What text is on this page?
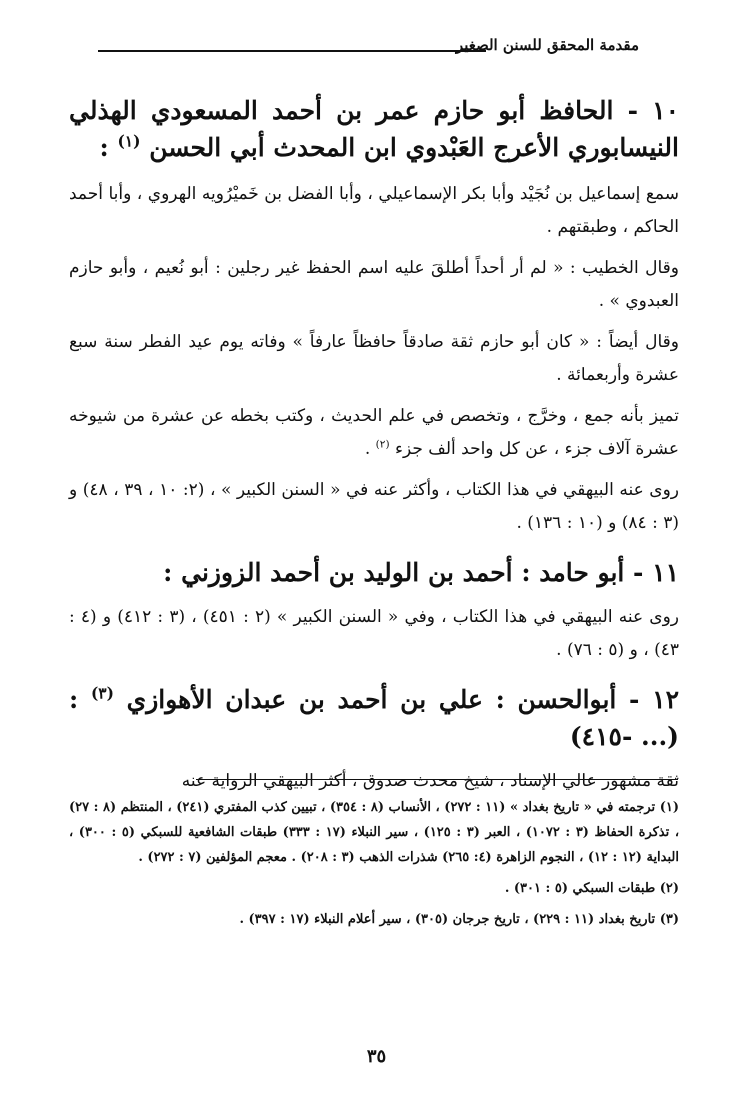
مقدمة المحقق للسنن الصغير
١٠ - الحافظ أبو حازم عمر بن أحمد المسعودي الهذلي النيسابوري الأعرج العَبْدوي ابن المحدث أبي الحسن $^{(١)}$ :
سمع إسماعيل بن نُجَيْد وأبا بكر الإسماعيلي ، وأبا الفضل بن خَميْرُويه الهروي ، وأبا أحمد الحاكم ، وطبقتهم .
وقال الخطيب : « لم أر أحداً أطلقَ عليه اسم الحفظ غير رجلين : أبو نُعيم ، وأبو حازم العبدوي » .
وقال أيضاً : « كان أبو حازم ثقة صادقاً حافظاً عارفاً » وفاته يوم عيد الفطر سنة سبع عشرة وأربعمائة .
تميز بأنه جمع ، وخرَّج ، وتخصص في علم الحديث ، وكتب بخطه عن عشرة من شيوخه عشرة آلاف جزء ، عن كل واحد ألف جزء $^{(٢)}$ .
روى عنه البيهقي في هذا الكتاب ، وأكثر عنه في « السنن الكبير » ، (٢: ١٠ ، ٣٩ ، ٤٨) و (٣ : ٨٤) و (١٠ : ١٣٦) .
١١ - أبو حامد : أحمد بن الوليد بن أحمد الزوزني :
روى عنه البيهقي في هذا الكتاب ، وفي « السنن الكبير » (٢ : ٤٥١) ، (٣ : ٤١٢) و (٤ : ٤٣) ، و (٥ : ٧٦) .
١٢ - أبوالحسن : علي بن أحمد بن عبدان الأهوازي $^{(٣)}$ : (... -٤١٥)
ثقة مشهور عالي الإسناد ، شيخ محدث صدوق ، أكثر البيهقي الرواية عنه
(١) ترجمته في « تاريخ بغداد » (١١ : ٢٧٢) ، الأنساب (٨ : ٣٥٤) ، تبيين كذب المفتري (٢٤١) ، المنتظم (٨ : ٢٧) ، تذكرة الحفاظ (٣ : ١٠٧٢) ، العبر (٣ : ١٢٥) ، سير النبلاء (١٧ : ٣٣٣) طبقات الشافعية للسبكي (٥ : ٣٠٠) ، البداية (١٢ : ١٢) ، النجوم الزاهرة (٤: ٢٦٥) شذرات الذهب (٣ : ٢٠٨) . معجم المؤلفين (٧ : ٢٧٢) .
(٢) طبقات السبكي (٥ : ٣٠١) .
(٣) تاريخ بغداد (١١ : ٢٢٩) ، تاريخ جرجان (٣٠٥) ، سير أعلام النبلاء (١٧ : ٣٩٧) .
٣٥
